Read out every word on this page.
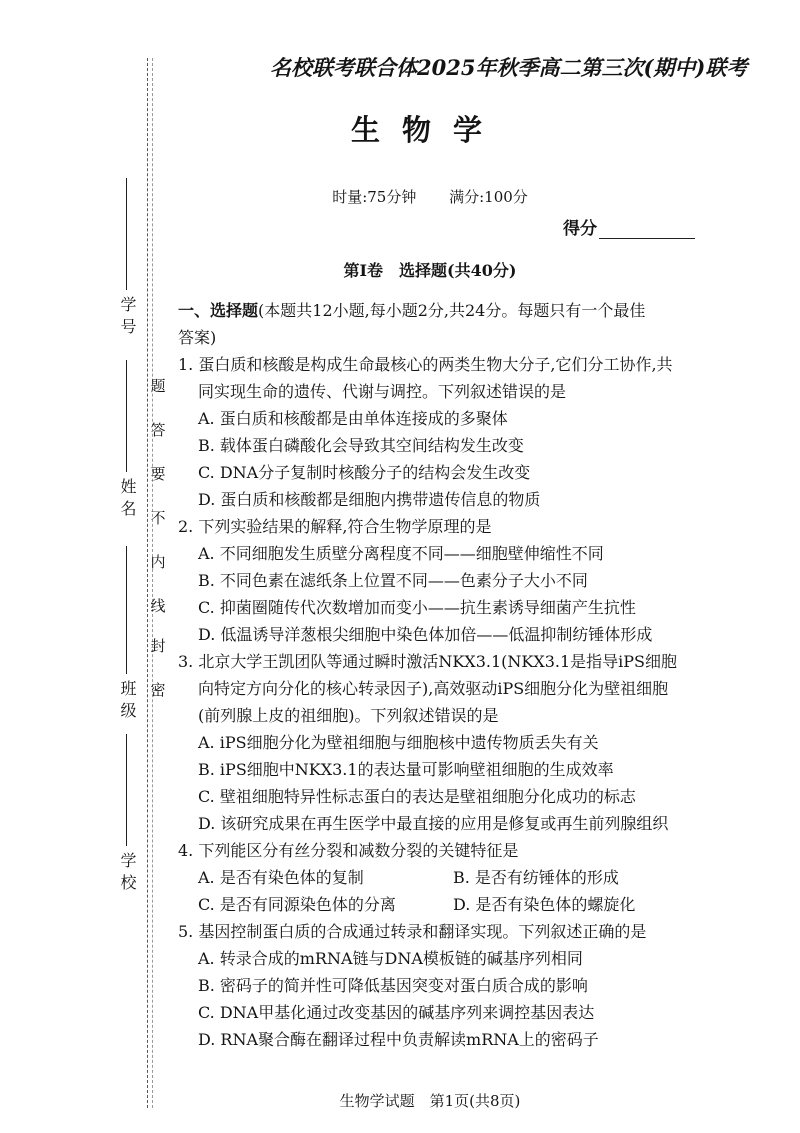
学号
姓名
班级
学校
密
封
线
内
不
要
答
题
名校联考联合体2025年秋季高二第三次(期中)联考
生物学
时量:75分钟 满分:100分
得分
第Ⅰ卷　选择题(共40分)
一、选择题(本题共12小题,每小题2分,共24分。每题只有一个最佳
答案)
1. 蛋白质和核酸是构成生命最核心的两类生物大分子,它们分工协作,共
同实现生命的遗传、代谢与调控。下列叙述错误的是
A. 蛋白质和核酸都是由单体连接成的多聚体
B. 载体蛋白磷酸化会导致其空间结构发生改变
C. DNA分子复制时核酸分子的结构会发生改变
D. 蛋白质和核酸都是细胞内携带遗传信息的物质
2. 下列实验结果的解释,符合生物学原理的是
A. 不同细胞发生质壁分离程度不同——细胞壁伸缩性不同
B. 不同色素在滤纸条上位置不同——色素分子大小不同
C. 抑菌圈随传代次数增加而变小——抗生素诱导细菌产生抗性
D. 低温诱导洋葱根尖细胞中染色体加倍——低温抑制纺锤体形成
3. 北京大学王凯团队等通过瞬时激活NKX3.1(NKX3.1是指导iPS细胞
向特定方向分化的核心转录因子),高效驱动iPS细胞分化为壁祖细胞
(前列腺上皮的祖细胞)。下列叙述错误的是
A. iPS细胞分化为壁祖细胞与细胞核中遗传物质丢失有关
B. iPS细胞中NKX3.1的表达量可影响壁祖细胞的生成效率
C. 壁祖细胞特异性标志蛋白的表达是壁祖细胞分化成功的标志
D. 该研究成果在再生医学中最直接的应用是修复或再生前列腺组织
4. 下列能区分有丝分裂和减数分裂的关键特征是
A. 是否有染色体的复制	B. 是否有纺锤体的形成
C. 是否有同源染色体的分离	D. 是否有染色体的螺旋化
5. 基因控制蛋白质的合成通过转录和翻译实现。下列叙述正确的是
A. 转录合成的mRNA链与DNA模板链的碱基序列相同
B. 密码子的简并性可降低基因突变对蛋白质合成的影响
C. DNA甲基化通过改变基因的碱基序列来调控基因表达
D. RNA聚合酶在翻译过程中负责解读mRNA上的密码子
生物学试题　第1页(共8页)
